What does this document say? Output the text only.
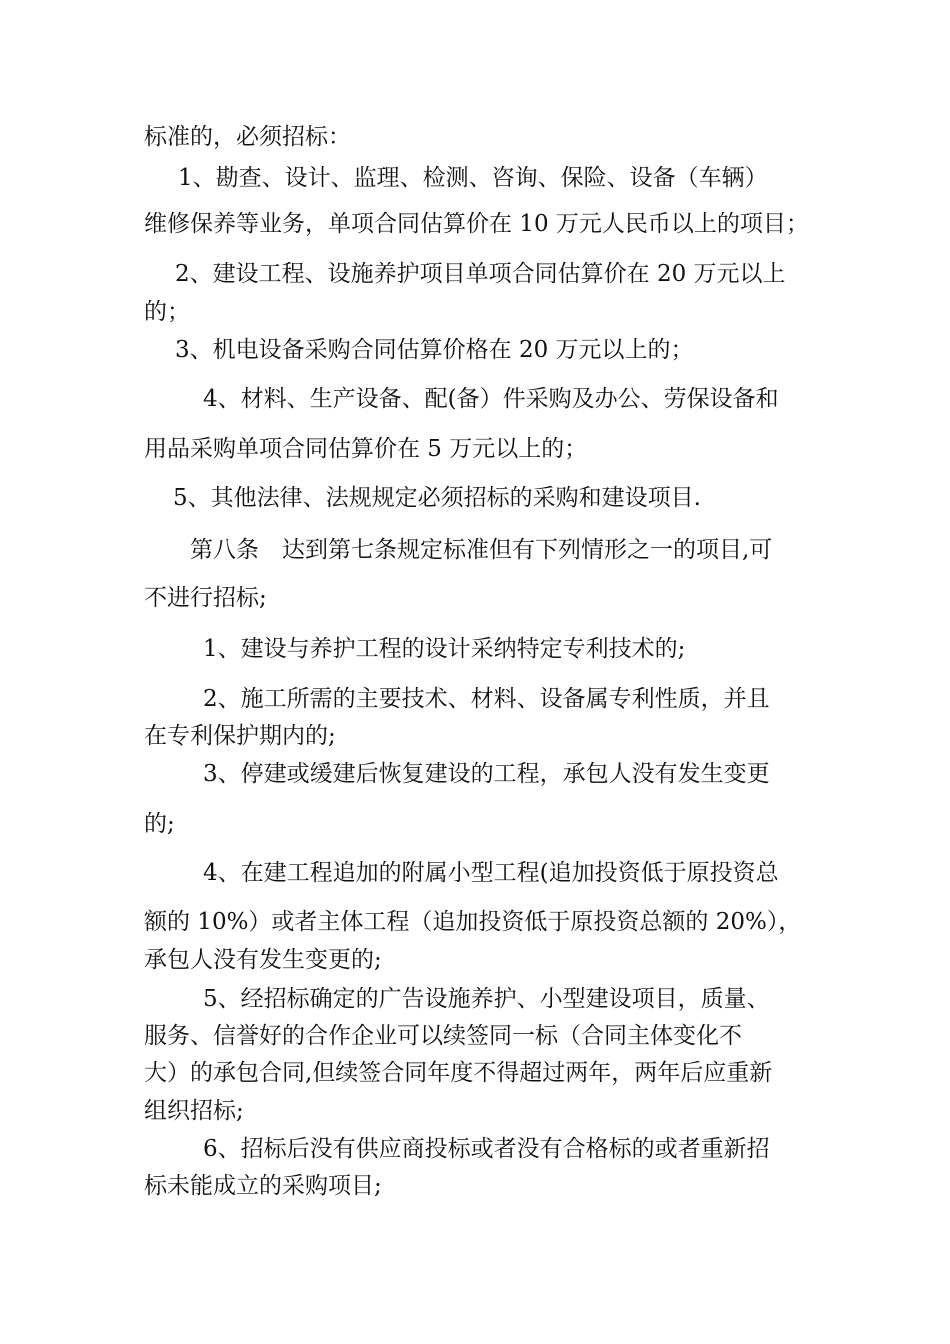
标准的，必须招标：

1、勘查、设计、监理、检测、咨询、保险、设备（车辆）

维修保养等业务，单项合同估算价在 10 万元人民币以上的项目；

2、建设工程、设施养护项目单项合同估算价在 20 万元以上

的；

3、机电设备采购合同估算价格在 20 万元以上的；

4、材料、生产设备、配(备）件采购及办公、劳保设备和

用品采购单项合同估算价在 5 万元以上的；

5、其他法律、法规规定必须招标的采购和建设项目.

第八条　达到第七条规定标准但有下列情形之一的项目,可

不进行招标;

1、建设与养护工程的设计采纳特定专利技术的;

2、施工所需的主要技术、材料、设备属专利性质，并且

在专利保护期内的;

3、停建或缓建后恢复建设的工程，承包人没有发生变更

的;

4、在建工程追加的附属小型工程(追加投资低于原投资总

额的 10%）或者主体工程（追加投资低于原投资总额的 20%），

承包人没有发生变更的;

5、经招标确定的广告设施养护、小型建设项目，质量、

服务、信誉好的合作企业可以续签同一标（合同主体变化不

大）的承包合同,但续签合同年度不得超过两年，两年后应重新

组织招标;

6、招标后没有供应商投标或者没有合格标的或者重新招

标未能成立的采购项目;
